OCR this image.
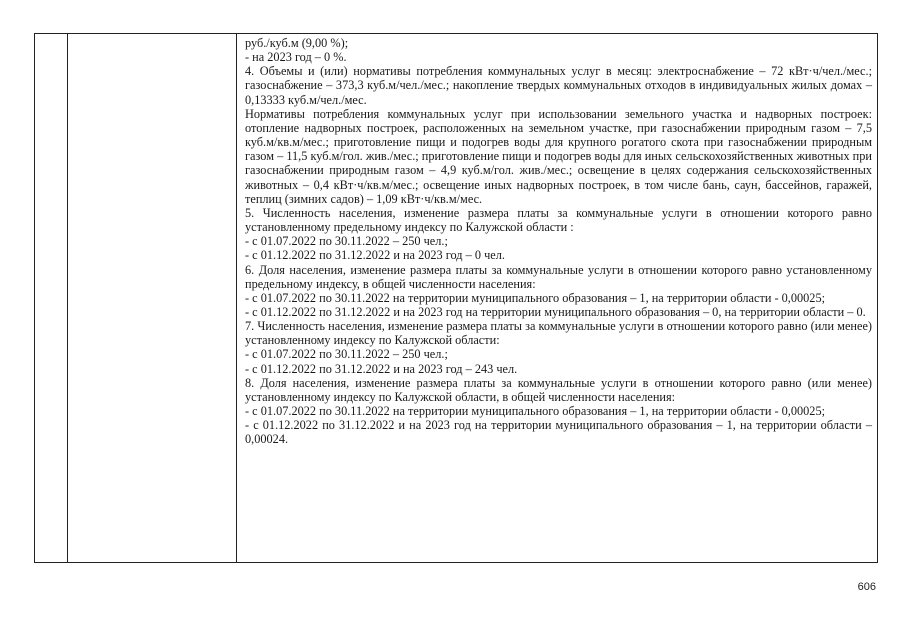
руб./куб.м (9,00 %);

- на 2023 год – 0 %.

4. Объемы и (или) нормативы потребления коммунальных услуг в месяц: электроснабжение – 72 кВт·ч/чел./мес.; газоснабжение – 373,3 куб.м/чел./мес.; накопление твердых коммунальных отходов в индивидуальных жилых домах – 0,13333 куб.м/чел./мес.

Нормативы потребления коммунальных услуг при использовании земельного участка и надворных построек: отопление надворных построек, расположенных на земельном участке, при газоснабжении природным газом – 7,5 куб.м/кв.м/мес.; приготовление пищи и подогрев воды для крупного рогатого скота при газоснабжении природным газом – 11,5 куб.м/гол. жив./мес.; приготовление пищи и подогрев воды для иных сельскохозяйственных животных при газоснабжении природным газом – 4,9 куб.м/гол. жив./мес.; освещение в целях содержания сельскохозяйственных животных – 0,4 кВт·ч/кв.м/мес.; освещение иных надворных построек, в том числе бань, саун, бассейнов, гаражей, теплиц (зимних садов) – 1,09 кВт·ч/кв.м/мес.

5. Численность населения, изменение размера платы за коммунальные услуги в отношении которого равно установленному предельному индексу по Калужской области :

- с 01.07.2022 по 30.11.2022 – 250 чел.;

- с 01.12.2022 по 31.12.2022 и на 2023 год – 0 чел.

6. Доля населения, изменение размера платы за коммунальные услуги в отношении которого равно установленному предельному индексу, в общей численности населения:

- с 01.07.2022 по 30.11.2022 на территории муниципального образования – 1, на территории области - 0,00025;

- с 01.12.2022 по 31.12.2022 и на 2023 год на территории муниципального образования – 0, на территории области – 0.

7. Численность населения, изменение размера платы за коммунальные услуги в отношении которого равно (или менее) установленному индексу по Калужской области:

- с 01.07.2022 по 30.11.2022 – 250 чел.;

- с 01.12.2022 по 31.12.2022 и на 2023 год – 243 чел.

8. Доля населения, изменение размера платы за коммунальные услуги в отношении которого равно (или менее) установленному индексу по Калужской области, в общей численности населения:

- с 01.07.2022 по 30.11.2022 на территории муниципального образования – 1, на территории области - 0,00025;

- с 01.12.2022 по 31.12.2022 и на 2023 год на территории муниципального образования – 1, на территории области – 0,00024.

606
